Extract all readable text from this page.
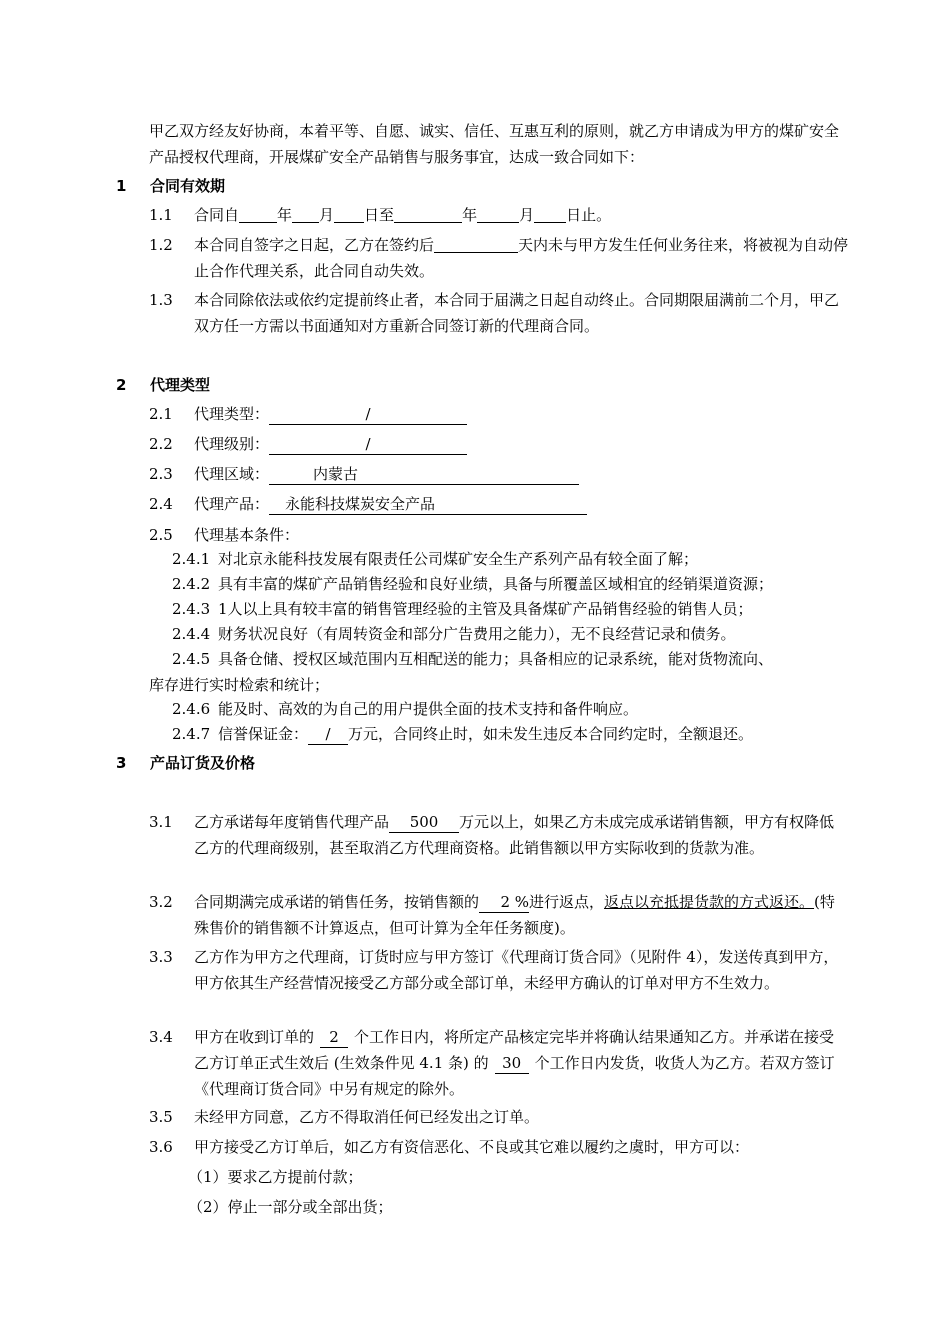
甲乙双方经友好协商，本着平等、自愿、诚实、信任、互惠互利的原则，就乙方申请成为甲方的煤矿安全产品授权代理商，开展煤矿安全产品销售与服务事宜，达成一致合同如下：
1 合同有效期
1.1 合同自	年 月 日至	年	月 日止。
1.2 本合同自签字之日起，乙方在签约后	天内未与甲方发生任何业务往来，将被视为自动停止合作代理关系，此合同自动失效。
1.3 本合同除依法或依约定提前终止者，本合同于届满之日起自动终止。合同期限届满前二个月，甲乙双方任一方需以书面通知对方重新合同签订新的代理商合同。
2 代理类型
2.1 代理类型：	/
2.2 代理级别：	/
2.3 代理区域：	内蒙古
2.4 代理产品： 永能科技煤炭安全产品
2.5 代理基本条件：
2.4.1 对北京永能科技发展有限责任公司煤矿安全生产系列产品有较全面了解；
2.4.2 具有丰富的煤矿产品销售经验和良好业绩，具备与所覆盖区域相宜的经销渠道资源；
2.4.3 1人以上具有较丰富的销售管理经验的主管及具备煤矿产品销售经验的销售人员；
2.4.4 财务状况良好（有周转资金和部分广告费用之能力），无不良经营记录和债务。
2.4.5 具备仓储、授权区域范围内互相配送的能力；具备相应的记录系统，能对货物流向、
库存进行实时检索和统计；
2.4.6 能及时、高效的为自己的用户提供全面的技术支持和备件响应。
2.4.7 信誉保证金： / 万元，合同终止时，如未发生违反本合同约定时，全额退还。
3 产品订货及价格
3.1 乙方承诺每年度销售代理产品 500 万元以上，如果乙方未成完成承诺销售额，甲方有权降低乙方的代理商级别，甚至取消乙方代理商资格。此销售额以甲方实际收到的货款为准。
3.2 合同期满完成承诺的销售任务，按销售额的 2 %进行返点，返点以充抵提货款的方式返还。(特殊售价的销售额不计算返点，但可计算为全年任务额度)。
3.3 乙方作为甲方之代理商，订货时应与甲方签订《代理商订货合同》（见附件 4），发送传真到甲方，甲方依其生产经营情况接受乙方部分或全部订单，未经甲方确认的订单对甲方不生效力。
3.4 甲方在收到订单的 2 个工作日内，将所定产品核定完毕并将确认结果通知乙方。并承诺在接受乙方订单正式生效后 (生效条件见 4.1 条) 的 30 个工作日内发货，收货人为乙方。若双方签订《代理商订货合同》中另有规定的除外。
3.5 未经甲方同意，乙方不得取消任何已经发出之订单。
3.6 甲方接受乙方订单后，如乙方有资信恶化、不良或其它难以履约之虞时，甲方可以：
（1）要求乙方提前付款；
（2）停止一部分或全部出货；
